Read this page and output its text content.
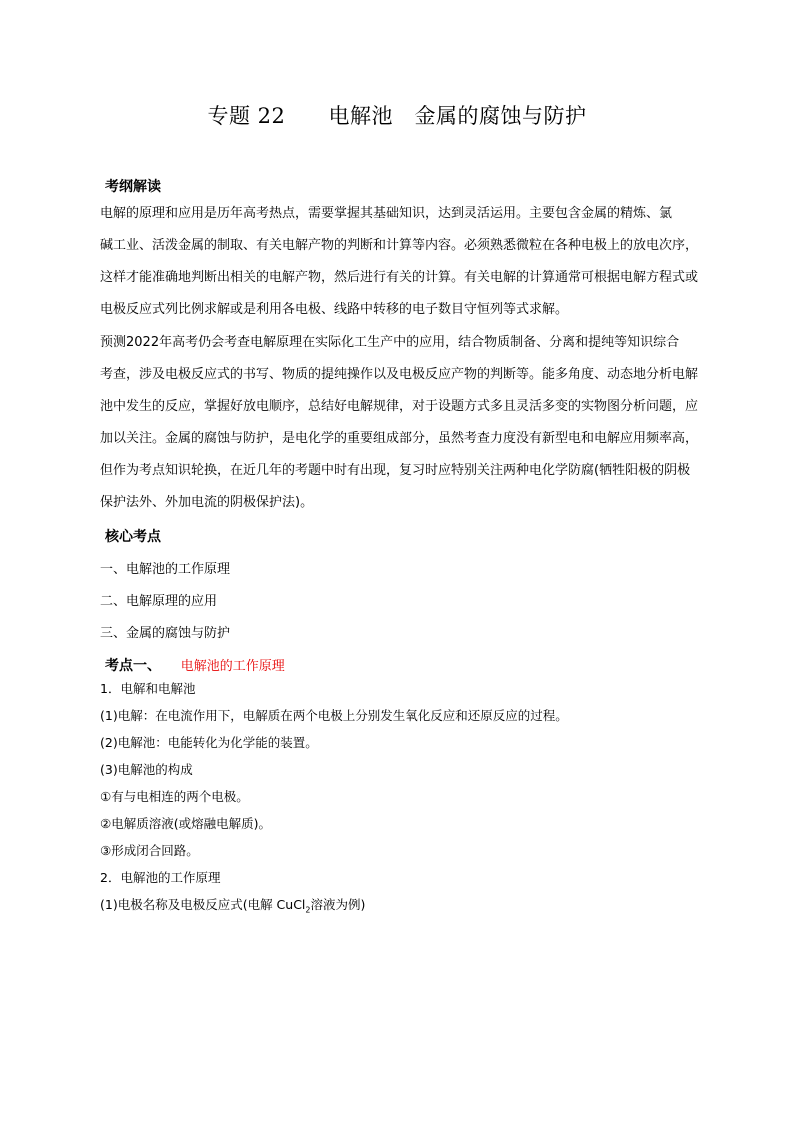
专题 22      电解池   金属的腐蚀与防护
考纲解读
电解的原理和应用是历年高考热点，需要掌握其基础知识，达到灵活运用。主要包含金属的精炼、氯
碱工业、活泼金属的制取、有关电解产物的判断和计算等内容。必须熟悉微粒在各种电极上的放电次序，
这样才能准确地判断出相关的电解产物，然后进行有关的计算。有关电解的计算通常可根据电解方程式或
电极反应式列比例求解或是利用各电极、线路中转移的电子数目守恒列等式求解。
预测2022年高考仍会考查电解原理在实际化工生产中的应用，结合物质制备、分离和提纯等知识综合
考查，涉及电极反应式的书写、物质的提纯操作以及电极反应产物的判断等。能多角度、动态地分析电解
池中发生的反应，掌握好放电顺序，总结好电解规律，对于设题方式多且灵活多变的实物图分析问题，应
加以关注。金属的腐蚀与防护，是电化学的重要组成部分，虽然考查力度没有新型电和电解应用频率高，
但作为考点知识轮换，在近几年的考题中时有出现，复习时应特别关注两种电化学防腐(牺牲阳极的阴极
保护法外、外加电流的阴极保护法)。
核心考点
一、电解池的工作原理
二、电解原理的应用
三、金属的腐蚀与防护
考点一、 电解池的工作原理
1．电解和电解池
(1)电解：在电流作用下，电解质在两个电极上分别发生氧化反应和还原反应的过程。
(2)电解池：电能转化为化学能的装置。
(3)电解池的构成
①有与电相连的两个电极。
②电解质溶液(或熔融电解质)。
③形成闭合回路。
2．电解池的工作原理
(1)电极名称及电极反应式(电解 CuCl$_2$溶液为例)
